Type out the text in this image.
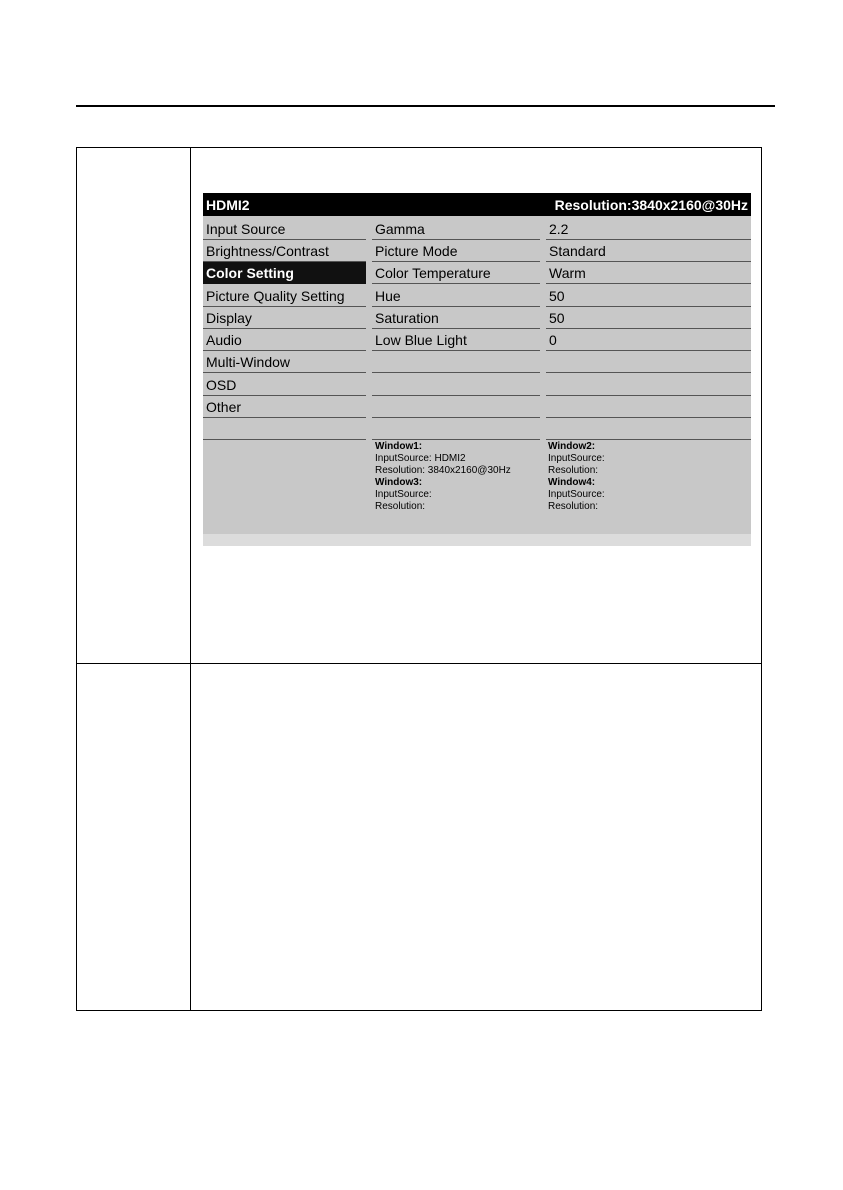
HDMI2	Resolution:3840x2160@30Hz
Input Source
Brightness/Contrast
Color Setting
Picture Quality Setting
Display
Audio
Multi-Window
OSD
Other
Gamma
Picture Mode
Color Temperature
Hue
Saturation
Low Blue Light
2.2
Standard
Warm
50
50
0
Window1:
InputSource: HDMI2
Resolution: 3840x2160@30Hz
Window3:
InputSource:
Resolution:
Window2:
InputSource:
Resolution:
Window4:
InputSource:
Resolution:
